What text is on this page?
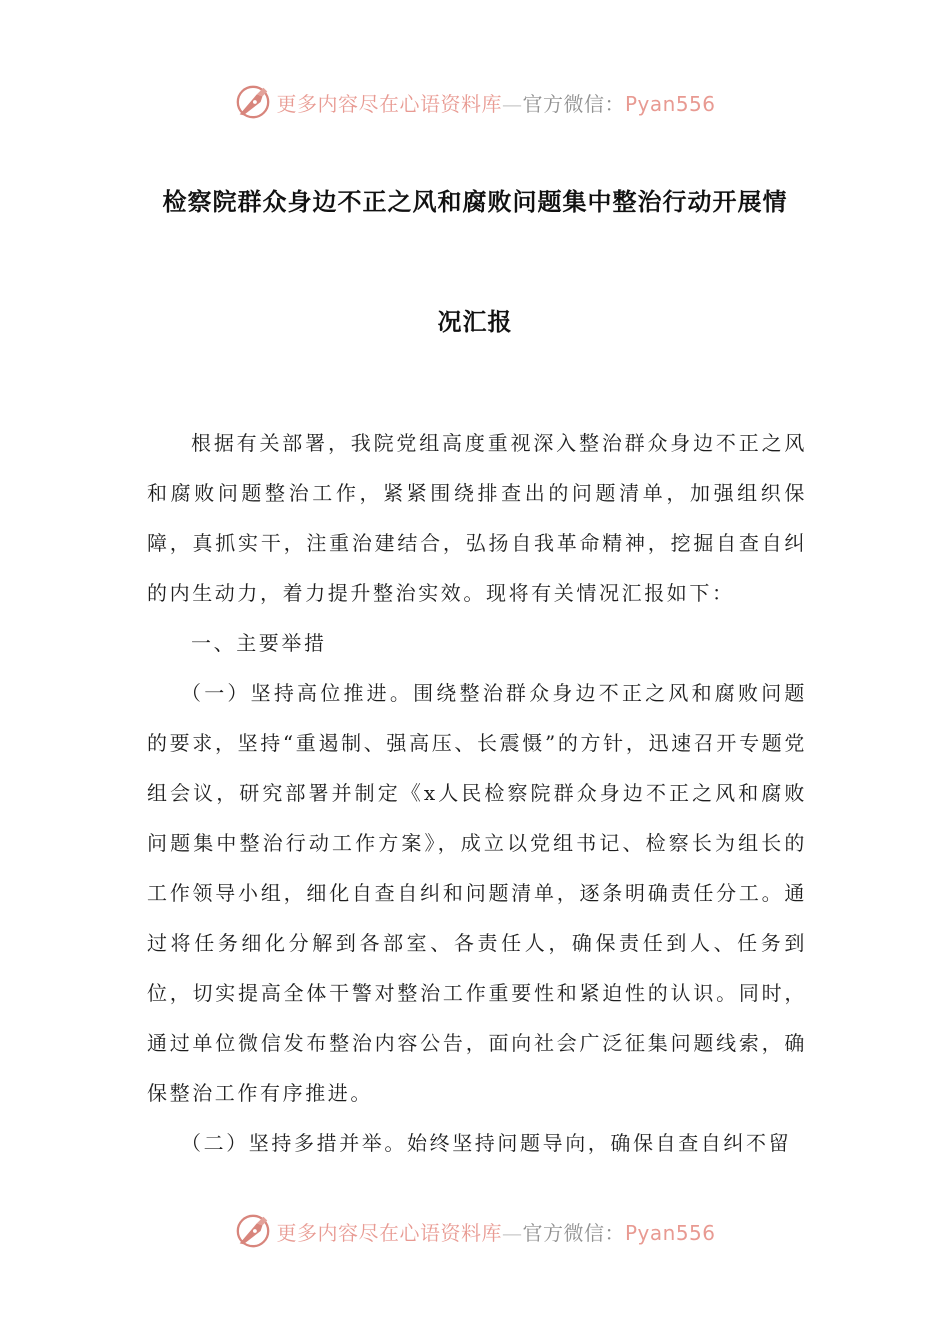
更多内容尽在心语资料库—官方微信：Pyan556
检察院群众身边不正之风和腐败问题集中整治行动开展情
况汇报

根据有关部署，我院党组高度重视深入整治群众身边不正之风和腐败问题整治工作，紧紧围绕排查出的问题清单，加强组织保障，真抓实干，注重治建结合，弘扬自我革命精神，挖掘自查自纠的内生动力，着力提升整治实效。现将有关情况汇报如下：

一、主要举措

（一）坚持高位推进。围绕整治群众身边不正之风和腐败问题的要求，坚持“重遏制、强高压、长震慑”的方针，迅速召开专题党组会议，研究部署并制定《x人民检察院群众身边不正之风和腐败问题集中整治行动工作方案》，成立以党组书记、检察长为组长的工作领导小组，细化自查自纠和问题清单，逐条明确责任分工。通过将任务细化分解到各部室、各责任人，确保责任到人、任务到位，切实提高全体干警对整治工作重要性和紧迫性的认识。同时，通过单位微信发布整治内容公告，面向社会广泛征集问题线索，确保整治工作有序推进。

（二）坚持多措并举。始终坚持问题导向，确保自查自纠不留

更多内容尽在心语资料库—官方微信：Pyan556
